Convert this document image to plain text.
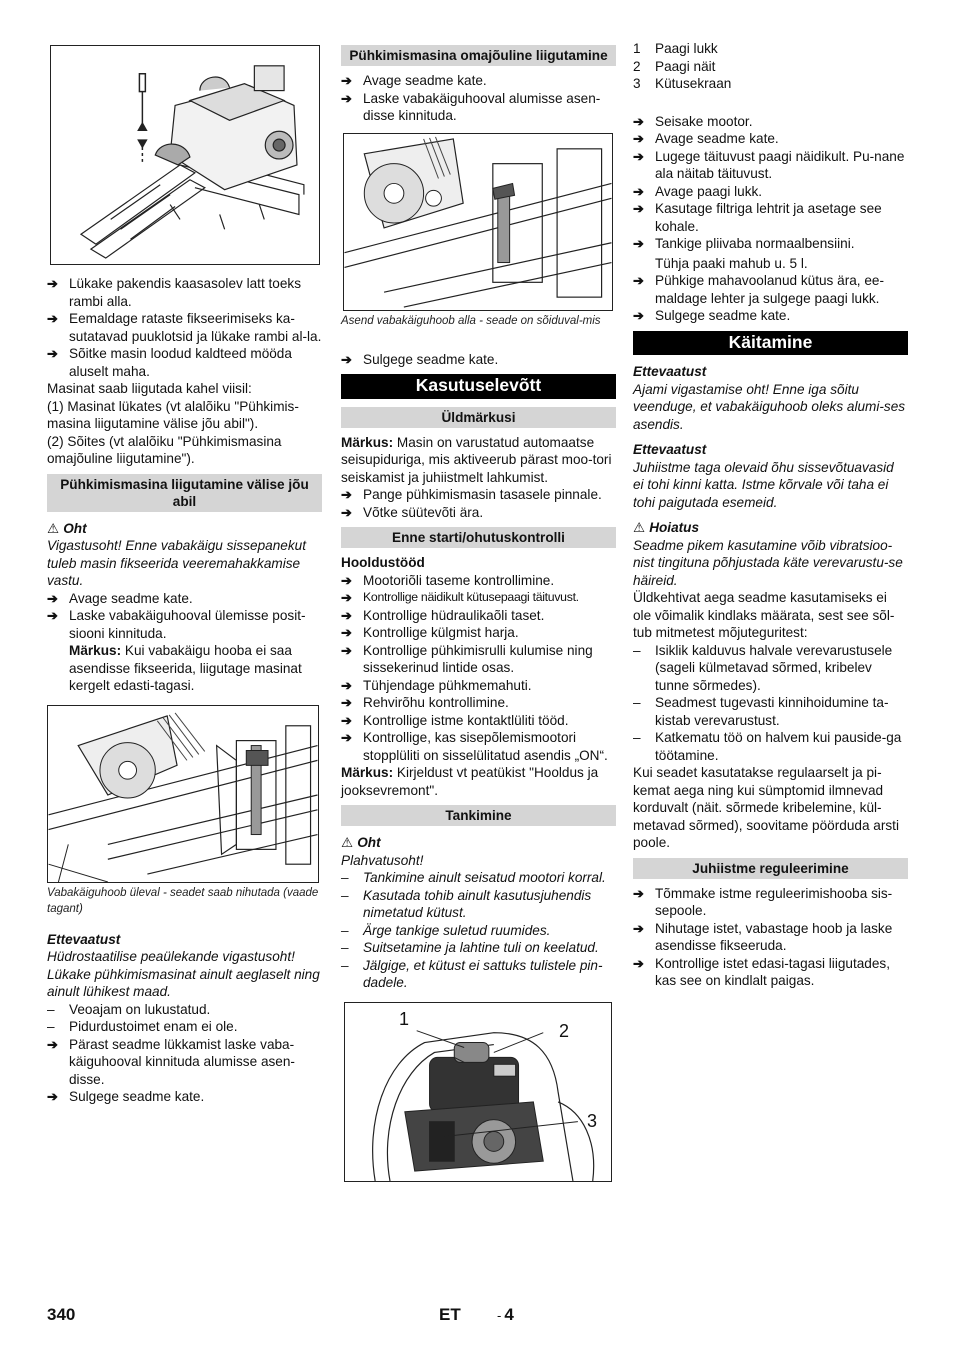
➔ Lükake pakendis kaasasolev latt toeks rambi alla.
➔ Eemaldage rataste fikseerimiseks ka-sutatavad puuklotsid ja lükake rambi al-la.
➔ Sõitke masin loodud kaldteed mööda aluselt maha.

Masinat saab liigutada kahel viisil:

(1) Masinat lükates (vt alalõiku "Pühkimis-masina liigutamine välise jõu abil").

(2) Sõites (vt alalõiku "Pühkimismasina omajõuline liigutamine").

Pühkimismasina liigutamine välise jõu abil
⚠ Oht

Vigastusoht! Enne vabakäigu sissepanekut tuleb masin fikseerida veeremahakkamise vastu.

➔ Avage seadme kate.
➔ Laske vabakäiguhooval ülemisse posit-siooni kinnituda.
Märkus: Kui vabakäigu hooba ei saa asendisse fikseerida, liigutage masinat kergelt edasti-tagasi.

Vabakäiguhoob üleval - seadet saab nihutada (vaade tagant)

Ettevaatust

Hüdrostaatilise peaülekande vigastusoht! Lükake pühkimismasinat ainult aeglaselt ning ainult lühikest maad.

–	Veoajam on lukustatud.
–	Pidurdustoimet enam ei ole.
➔ Pärast seadme lükkamist laske vaba-käiguhooval kinnituda alumisse asen-disse.
➔ Sulgege seadme kate.
Pühkimismasina omajõuline liigutamine
➔ Avage seadme kate.
➔ Laske vabakäiguhooval alumisse asen-disse kinnituda.

Asend vabakäiguhoob alla - seade on sõiduval-mis

➔ Sulgege seadme kate.
Kasutuselevõtt
Üldmärkusi

Märkus: Masin on varustatud automaatse seisupiduriga, mis aktiveerub pärast moo-tori seiskamist ja juhiistmelt lahkumist.

➔ Pange pühkimismasin tasasele pinnale.
➔ Võtke süütevõti ära.
Enne starti/ohutuskontrolli
Hooldustööd
➔ Mootoriõli taseme kontrollimine.
➔ Kontrollige näidikult kütusepaagi täituvust.
➔ Kontrollige hüdraulikaõli taset.
➔ Kontrollige külgmist harja.
➔ Kontrollige pühkimisrulli kulumise ning sissekerinud lintide osas.
➔ Tühjendage pühkmemahuti.
➔ Rehvirõhu kontrollimine.
➔ Kontrollige istme kontaktlüliti tööd.
➔ Kontrollige, kas sisepõlemismootori stopplüliti on sisselülitatud asendis „ON“.

Märkus: Kirjeldust vt peatükist "Hooldus ja jooksevremont".

Tankimine
⚠ Oht

Plahvatusoht!

–	Tankimine ainult seisatud mootori korral.
–	Kasutada tohib ainult kasutusjuhendis nimetatud kütust.
–	Ärge tankige suletud ruumides.
–	Suitsetamine ja lahtine tuli on keelatud.
–	Jälgige, et kütust ei sattuks tulistele pin-dadele.
1
2
3
1	Paagi lukk
2	Paagi näit
3	Kütusekraan
➔ Seisake mootor.
➔ Avage seadme kate.
➔ Lugege täituvust paagi näidikult. Pu-nane ala näitab täituvust.
➔ Avage paagi lukk.
➔ Kasutage filtriga lehtrit ja asetage see kohale.
➔ Tankige pliivaba normaalbensiini.

Tühja paaki mahub u. 5 l.

➔ Pühkige mahavoolanud kütus ära, ee-maldage lehter ja sulgege paagi lukk.
➔ Sulgege seadme kate.
Käitamine
Ettevaatust

Ajami vigastamise oht! Enne iga sõitu veenduge, et vabakäiguhoob oleks alumi-ses asendis.

Ettevaatust

Juhiistme taga olevaid õhu sissevõtuavasid ei tohi kinni katta. Istme kõrvale või taha ei tohi paigutada esemeid.

⚠ Hoiatus

Seadme pikem kasutamine võib vibratsioo-nist tingituna põhjustada käte verevarustu-se häireid.

Üldkehtivat aega seadme kasutamiseks ei ole võimalik kindlaks määrata, sest see sõl-tub mitmetest mõjuteguritest:

–	Isiklik kalduvus halvale verevarustusele (sageli külmetavad sõrmed, kribelev tunne sõrmedes).
–	Seadmest tugevasti kinnihoidumine ta-kistab verevarustust.
–	Katkematu töö on halvem kui pauside-ga töötamine.

Kui seadet kasutatakse regulaarselt ja pi-kemat aega ning kui sümptomid ilmnevad korduvalt (näit. sõrmede kribelemine, kül-metavad sõrmed), soovitame pöörduda arsti poole.

Juhiistme reguleerimine
➔ Tõmmake istme reguleerimishooba sis-sepoole.
➔ Nihutage istet, vabastage hoob ja laske asendisse fikseeruda.
➔ Kontrollige istet edasi-tagasi liigutades, kas see on kindlalt paigas.
340	ET	- 4
